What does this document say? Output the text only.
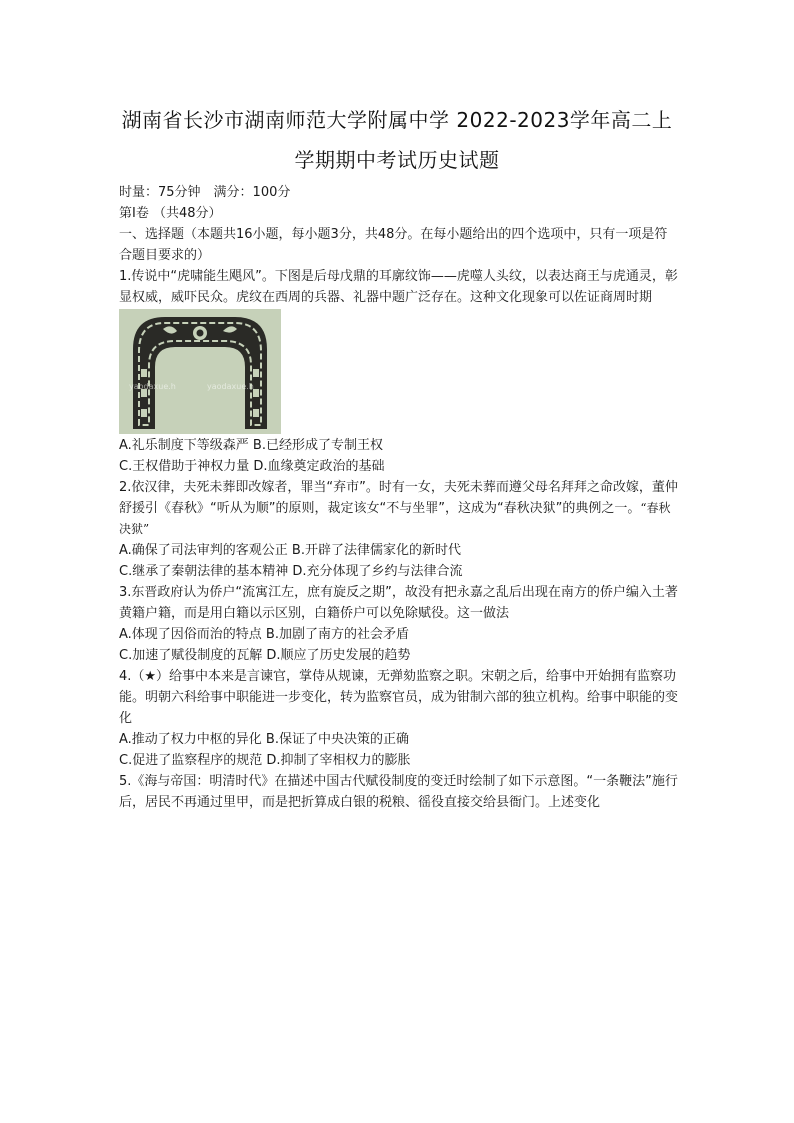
湖南省长沙市湖南师范大学附属中学 2022-2023学年高二上
学期期中考试历史试题

时量：75分钟　满分：100分

第Ⅰ卷 （共48分）

一、选择题（本题共16小题，每小题3分，共48分。在每小题给出的四个选项中，只有一项是符合题目要求的）

1.传说中“虎啸能生飓风”。下图是后母戊鼎的耳廓纹饰——虎噬人头纹，以表达商王与虎通灵，彰显权威，威吓民众。虎纹在西周的兵器、礼器中题广泛存在。这种文化现象可以佐证商周时期

yaodaxue.h	yaodaxue.h

A.礼乐制度下等级森严 B.已经形成了专制王权

C.王权借助于神权力量 D.血缘奠定政治的基础

2.依汉律，夫死未葬即改嫁者，罪当“弃市”。时有一女，夫死未葬而遵父母名拜拜之命改嫁，董仲舒援引《春秋》“听从为顺”的原则，裁定该女“不与坐罪”，这成为“春秋决狱”的典例之一。“春秋决狱”

A.确保了司法审判的客观公正 B.开辟了法律儒家化的新时代

C.继承了秦朝法律的基本精神 D.充分体现了乡约与法律合流

3.东晋政府认为侨户“流寓江左，庶有旋反之期”，故没有把永嘉之乱后出现在南方的侨户编入土著黄籍户籍，而是用白籍以示区别，白籍侨户可以免除赋役。这一做法

A.体现了因俗而治的特点 B.加剧了南方的社会矛盾

C.加速了赋役制度的瓦解 D.顺应了历史发展的趋势

4.（★）给事中本来是言谏官，掌侍从规谏，无弹劾监察之职。宋朝之后，给事中开始拥有监察功能。明朝六科给事中职能进一步变化，转为监察官员，成为钳制六部的独立机构。给事中职能的变化

A.推动了权力中枢的异化 B.保证了中央决策的正确

C.促进了监察程序的规范 D.抑制了宰相权力的膨胀

5.《海与帝国：明清时代》在描述中国古代赋役制度的变迁时绘制了如下示意图。“一条鞭法”施行后，居民不再通过里甲，而是把折算成白银的税粮、徭役直接交给县衙门。上述变化
